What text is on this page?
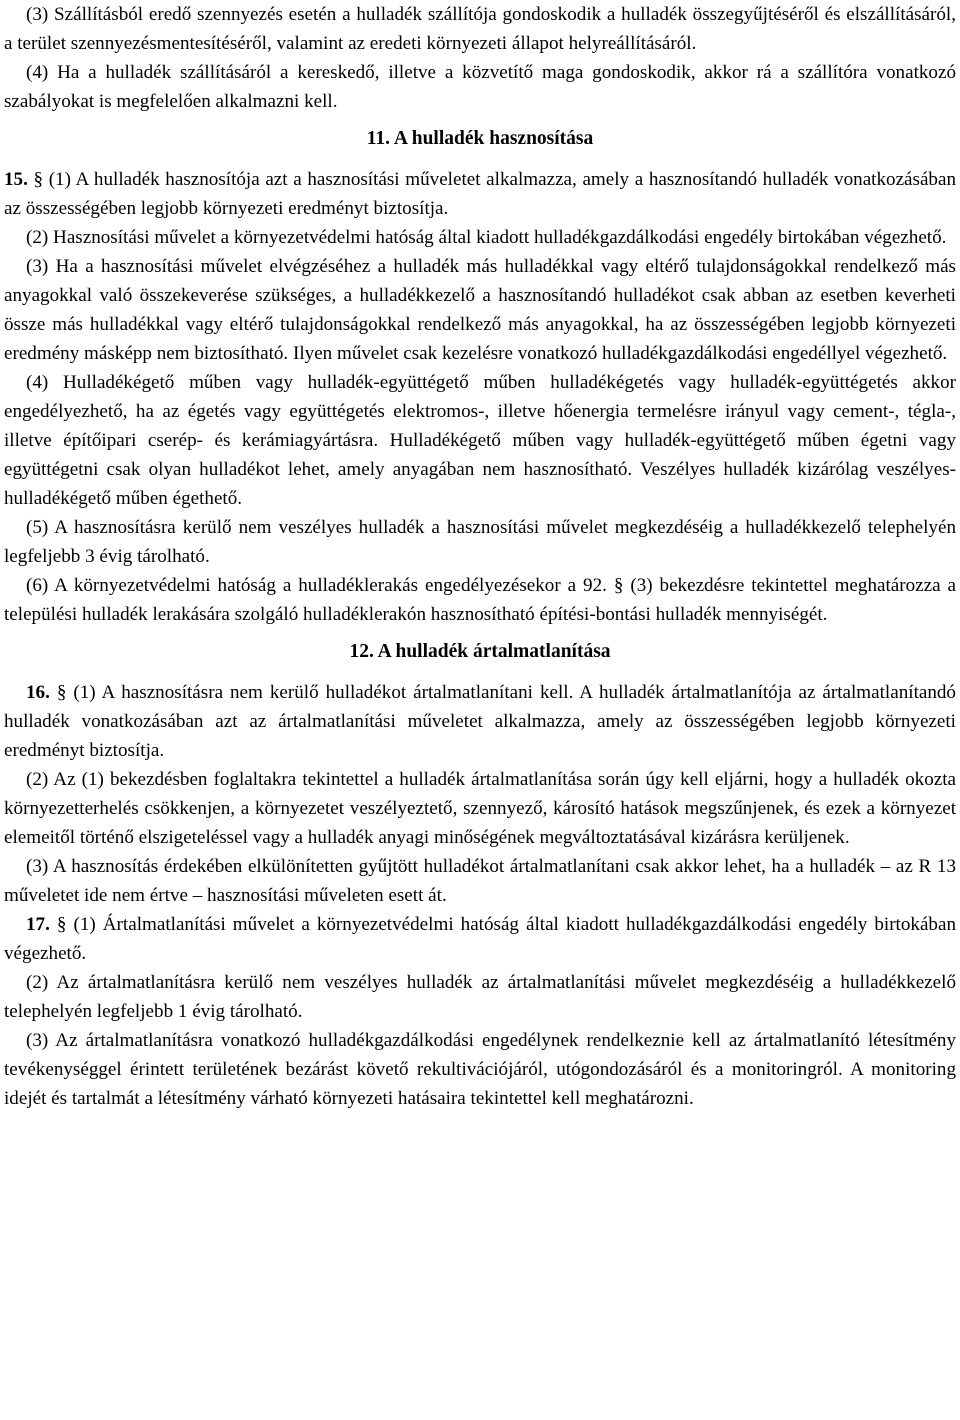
(3) Szállításból eredő szennyezés esetén a hulladék szállítója gondoskodik a hulladék összegyűjtéséről és elszállításáról, a terület szennyezésmentesítéséről, valamint az eredeti környezeti állapot helyreállításáról.

(4) Ha a hulladék szállításáról a kereskedő, illetve a közvetítő maga gondoskodik, akkor rá a szállítóra vonatkozó szabályokat is megfelelően alkalmazni kell.

11. A hulladék hasznosítása

15. § (1) A hulladék hasznosítója azt a hasznosítási műveletet alkalmazza, amely a hasznosítandó hulladék vonatkozásában az összességében legjobb környezeti eredményt biztosítja.

(2) Hasznosítási művelet a környezetvédelmi hatóság által kiadott hulladékgazdálkodási engedély birtokában végezhető.

(3) Ha a hasznosítási művelet elvégzéséhez a hulladék más hulladékkal vagy eltérő tulajdonságokkal rendelkező más anyagokkal való összekeverése szükséges, a hulladékkezelő a hasznosítandó hulladékot csak abban az esetben keverheti össze más hulladékkal vagy eltérő tulajdonságokkal rendelkező más anyagokkal, ha az összességében legjobb környezeti eredmény másképp nem biztosítható. Ilyen művelet csak kezelésre vonatkozó hulladékgazdálkodási engedéllyel végezhető.

(4) Hulladékégető műben vagy hulladék-együttégető műben hulladékégetés vagy hulladék-együttégetés akkor engedélyezhető, ha az égetés vagy együttégetés elektromos-, illetve hőenergia termelésre irányul vagy cement-, tégla-, illetve építőipari cserép- és kerámiagyártásra. Hulladékégető műben vagy hulladék-együttégető műben égetni vagy együttégetni csak olyan hulladékot lehet, amely anyagában nem hasznosítható. Veszélyes hulladék kizárólag veszélyes-hulladékégető műben égethető.

(5) A hasznosításra kerülő nem veszélyes hulladék a hasznosítási művelet megkezdéséig a hulladékkezelő telephelyén legfeljebb 3 évig tárolható.

(6) A környezetvédelmi hatóság a hulladéklerakás engedélyezésekor a 92. § (3) bekezdésre tekintettel meghatározza a települési hulladék lerakására szolgáló hulladéklerakón hasznosítható építési-bontási hulladék mennyiségét.

12. A hulladék ártalmatlanítása

16. § (1) A hasznosításra nem kerülő hulladékot ártalmatlanítani kell. A hulladék ártalmatlanítója az ártalmatlanítandó hulladék vonatkozásában azt az ártalmatlanítási műveletet alkalmazza, amely az összességében legjobb környezeti eredményt biztosítja.

(2) Az (1) bekezdésben foglaltakra tekintettel a hulladék ártalmatlanítása során úgy kell eljárni, hogy a hulladék okozta környezetterhelés csökkenjen, a környezetet veszélyeztető, szennyező, károsító hatások megszűnjenek, és ezek a környezet elemeitől történő elszigeteléssel vagy a hulladék anyagi minőségének megváltoztatásával kizárásra kerüljenek.

(3) A hasznosítás érdekében elkülönítetten gyűjtött hulladékot ártalmatlanítani csak akkor lehet, ha a hulladék – az R 13 műveletet ide nem értve – hasznosítási műveleten esett át.

17. § (1) Ártalmatlanítási művelet a környezetvédelmi hatóság által kiadott hulladékgazdálkodási engedély birtokában végezhető.

(2) Az ártalmatlanításra kerülő nem veszélyes hulladék az ártalmatlanítási művelet megkezdéséig a hulladékkezelő telephelyén legfeljebb 1 évig tárolható.

(3) Az ártalmatlanításra vonatkozó hulladékgazdálkodási engedélynek rendelkeznie kell az ártalmatlanító létesítmény tevékenységgel érintett területének bezárást követő rekultivációjáról, utógondozásáról és a monitoringról. A monitoring idejét és tartalmát a létesítmény várható környezeti hatásaira tekintettel kell meghatározni.
